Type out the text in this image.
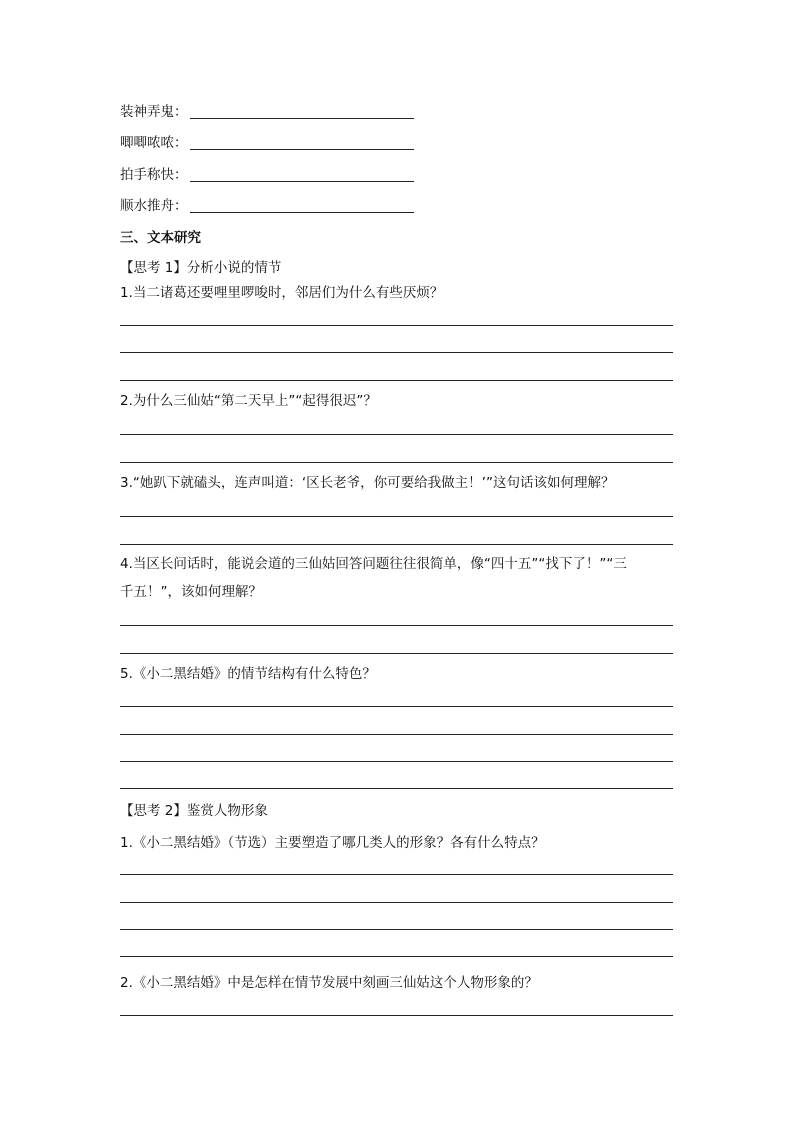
装神弄鬼：
唧唧哝哝：
拍手称快：
顺水推舟：
三、文本研究
【思考 1】分析小说的情节
1.当二诸葛还要哩里啰唆时，邻居们为什么有些厌烦？
2.为什么三仙姑“第二天早上”“起得很迟”？
3.“她趴下就磕头，连声叫道：‘区长老爷，你可要给我做主！’”这句话该如何理解？
4.当区长问话时，能说会道的三仙姑回答问题往往很简单，像“四十五”“找下了！”“三
千五！”，该如何理解？
5.《小二黑结婚》的情节结构有什么特色？
【思考 2】鉴赏人物形象
1.《小二黑结婚》（节选）主要塑造了哪几类人的形象？各有什么特点？
2.《小二黑结婚》中是怎样在情节发展中刻画三仙姑这个人物形象的？
